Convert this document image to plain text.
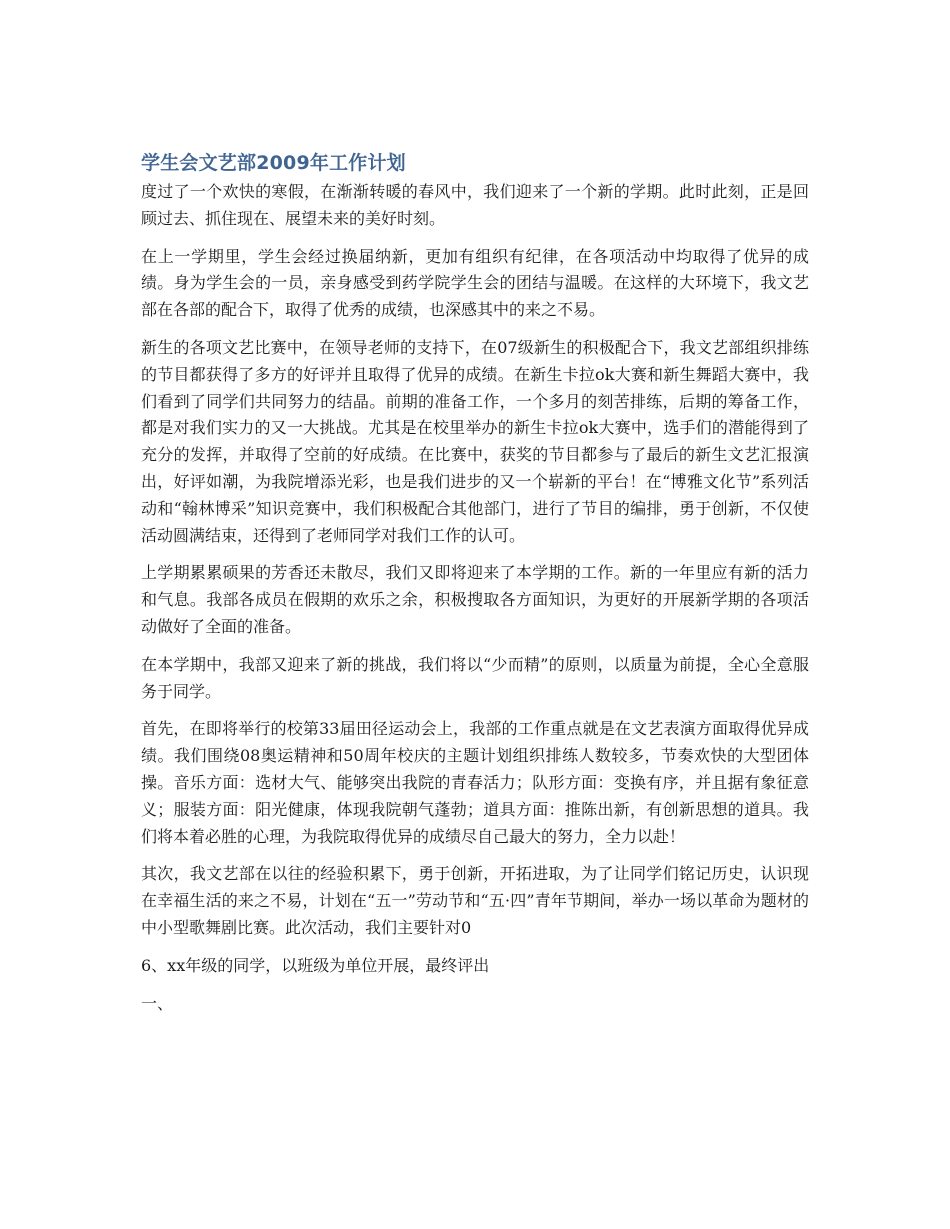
学生会文艺部2009年工作计划

度过了一个欢快的寒假，在渐渐转暖的春风中，我们迎来了一个新的学期。此时此刻，正是回顾过去、抓住现在、展望未来的美好时刻。

在上一学期里，学生会经过换届纳新，更加有组织有纪律，在各项活动中均取得了优异的成绩。身为学生会的一员，亲身感受到药学院学生会的团结与温暖。在这样的大环境下，我文艺部在各部的配合下，取得了优秀的成绩，也深感其中的来之不易。

新生的各项文艺比赛中，在领导老师的支持下，在07级新生的积极配合下，我文艺部组织排练的节目都获得了多方的好评并且取得了优异的成绩。在新生卡拉ok大赛和新生舞蹈大赛中，我们看到了同学们共同努力的结晶。前期的准备工作，一个多月的刻苦排练，后期的筹备工作，都是对我们实力的又一大挑战。尤其是在校里举办的新生卡拉ok大赛中，选手们的潜能得到了充分的发挥，并取得了空前的好成绩。在比赛中，获奖的节目都参与了最后的新生文艺汇报演出，好评如潮，为我院增添光彩，也是我们进步的又一个崭新的平台！在“博雅文化节”系列活动和“翰林博采”知识竞赛中，我们积极配合其他部门，进行了节目的编排，勇于创新，不仅使活动圆满结束，还得到了老师同学对我们工作的认可。

上学期累累硕果的芳香还未散尽，我们又即将迎来了本学期的工作。新的一年里应有新的活力和气息。我部各成员在假期的欢乐之余，积极搜取各方面知识，为更好的开展新学期的各项活动做好了全面的准备。

在本学期中，我部又迎来了新的挑战，我们将以“少而精”的原则，以质量为前提，全心全意服务于同学。

首先，在即将举行的校第33届田径运动会上，我部的工作重点就是在文艺表演方面取得优异成绩。我们围绕08奥运精神和50周年校庆的主题计划组织排练人数较多，节奏欢快的大型团体操。音乐方面：选材大气、能够突出我院的青春活力；队形方面：变换有序，并且据有象征意义；服装方面：阳光健康，体现我院朝气蓬勃；道具方面：推陈出新，有创新思想的道具。我们将本着必胜的心理，为我院取得优异的成绩尽自己最大的努力，全力以赴！

其次，我文艺部在以往的经验积累下，勇于创新，开拓进取，为了让同学们铭记历史，认识现在幸福生活的来之不易，计划在“五一”劳动节和“五·四”青年节期间，举办一场以革命为题材的中小型歌舞剧比赛。此次活动，我们主要针对0

6、xx年级的同学，以班级为单位开展，最终评出

一、
